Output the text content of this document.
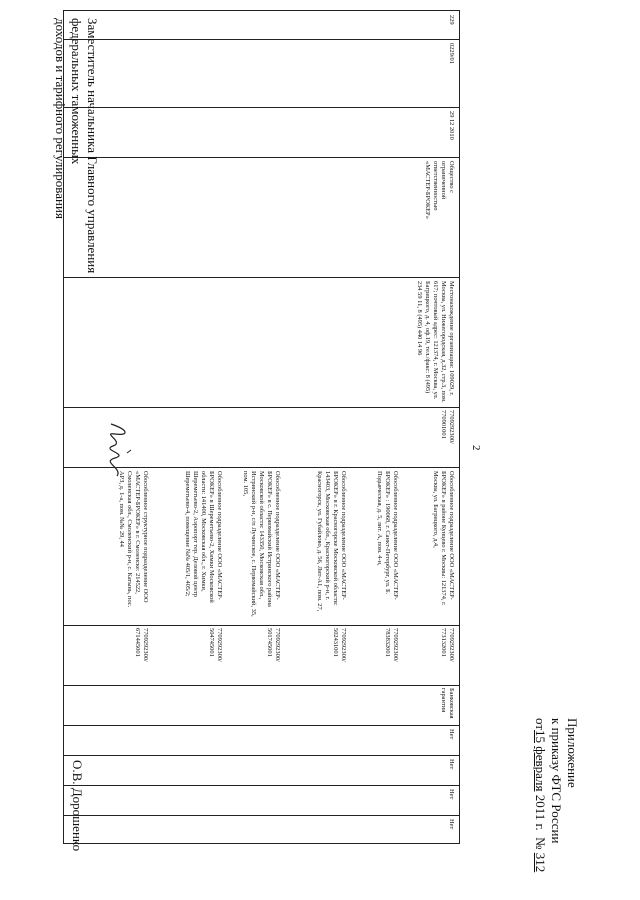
2
Приложение
к приказу ФТС России
от15 февраля 2011 г.  № 312
229
0229/01
29 12 2010
Общество с ограниченной ответственностью «МАСТЕР-БРОКЕР»
Местонахождение организации: 109029, г. Москва, ул. Нижегородская, д.32, стр.3, пом. 617; почтовый адрес: 121374, г. Москва, ул. Багрицкого, д. 4, оф.19, тел./факс: 8 (495) 234 59 11, 8 (495) 440 14 96
7709292300/ 770901001
Обособленное подразделение ООО «МАСТЕР-БРОКЕР» в районе Кунцево г. Москвы: 121374, г. Москва, ул. Багрицкого, д.4,
Обособленное подразделение ООО «МАСТЕР-БРОКЕР» : 190068, г. Санкт-Петербург, ул. Б. Подьяческая, д. 5, лит. А, пом. 4-н,
Обособленное подразделение ООО «МАСТЕР-БРОКЕР» в г. Красногорске Московской области: 143403, Московская обл., Красногорский р-н, г. Красногорск, ул. Губайлово, д. 56, Лит-А1, пом. 27,
Обособленное подразделение ООО «МАСТЕР-БРОКЕР» в с. Первомайский Истринского района Московской области: 143350, Московская обл., Истринский р-н, с/п Лучинское, с. Первомайский, 35, пом. 105,
Обособленное подразделение ООО «МАСТЕР-БРОКЕР» в Шереметьево-2, Химки Московской области: 141400, Московская обл., г. Химки, Шереметьево-2, Аэропорт тер. Деловой центр Шереметьево-4, помещение №№ 405/1, 405/2;
Обособленное структурное подразделение ООО «МАСТЕР-БРОКЕР» в г. Смоленске: 214522, Смоленская обл., Смоленский р-н, с. Катынь, пос. АРЗ, д. 1-а, пом. №№ 29, 44
7709292300/ 773132001
7709292300/ 783832001
7709292300/ 502431001
7709292300/ 501745001
7709292300/ 504745001
7709292300/ 671445001
Банковская гарантия
Нет
Нет
Нет
Нет
Заместитель начальника Главного управления
федеральных таможенных
доходов и тарифного регулирования
О.В. Дорошенко
